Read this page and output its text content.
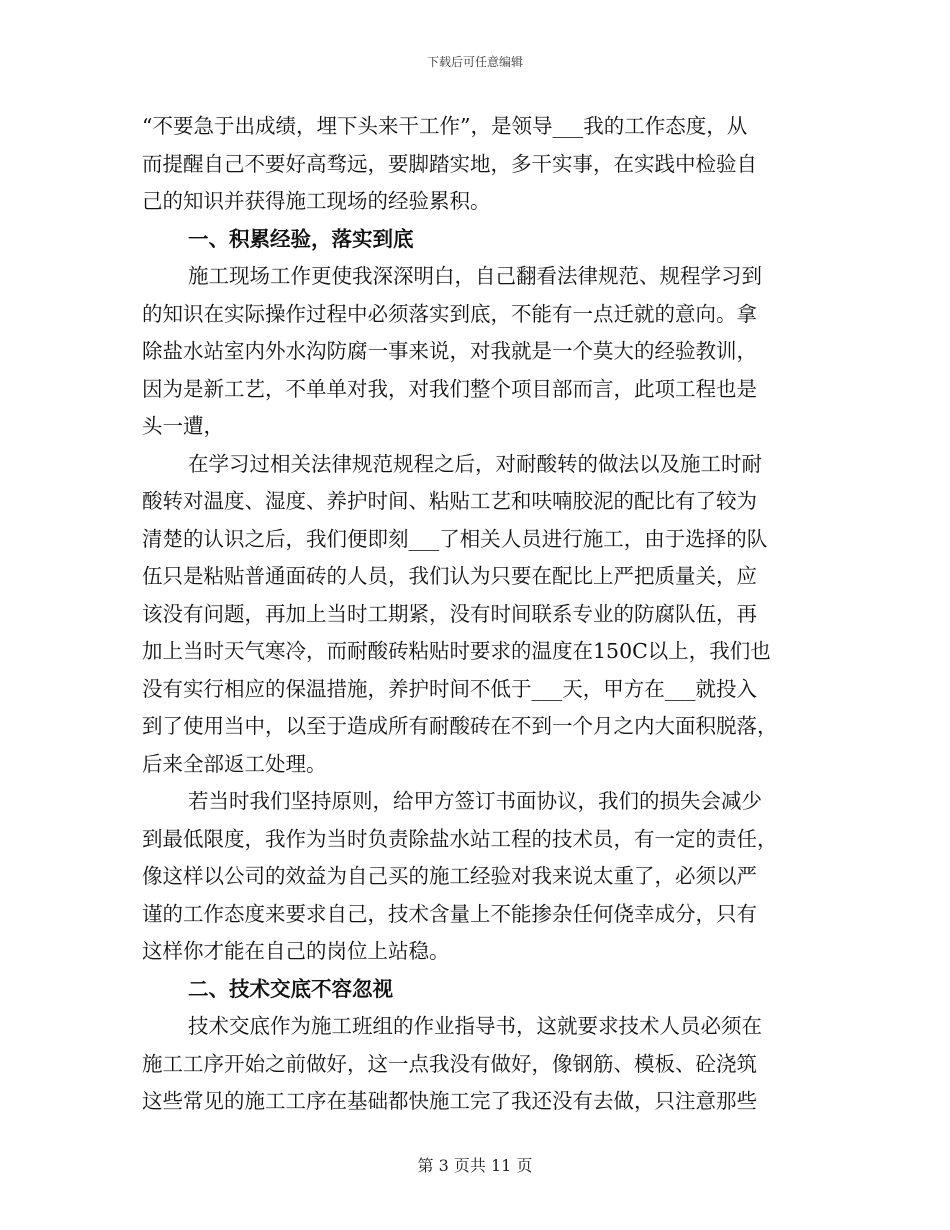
下载后可任意编辑
“不要急于出成绩，埋下头来干工作”，是领导___我的工作态度，从
而提醒自己不要好高骛远，要脚踏实地，多干实事，在实践中检验自
己的知识并获得施工现场的经验累积。
一、积累经验，落实到底
施工现场工作更使我深深明白，自己翻看法律规范、规程学习到
的知识在实际操作过程中必须落实到底，不能有一点迁就的意向。拿
除盐水站室内外水沟防腐一事来说，对我就是一个莫大的经验教训，
因为是新工艺，不单单对我，对我们整个项目部而言，此项工程也是
头一遭，
在学习过相关法律规范规程之后，对耐酸转的做法以及施工时耐
酸转对温度、湿度、养护时间、粘贴工艺和呋喃胶泥的配比有了较为
清楚的认识之后，我们便即刻___了相关人员进行施工，由于选择的队
伍只是粘贴普通面砖的人员，我们认为只要在配比上严把质量关，应
该没有问题，再加上当时工期紧，没有时间联系专业的防腐队伍，再
加上当时天气寒冷，而耐酸砖粘贴时要求的温度在150C以上，我们也
没有实行相应的保温措施，养护时间不低于___天，甲方在___就投入
到了使用当中，以至于造成所有耐酸砖在不到一个月之内大面积脱落，
后来全部返工处理。
若当时我们坚持原则，给甲方签订书面协议，我们的损失会减少
到最低限度，我作为当时负责除盐水站工程的技术员，有一定的责任，
像这样以公司的效益为自己买的施工经验对我来说太重了，必须以严
谨的工作态度来要求自己，技术含量上不能掺杂任何侥幸成分，只有
这样你才能在自己的岗位上站稳。
二、技术交底不容忽视
技术交底作为施工班组的作业指导书，这就要求技术人员必须在
施工工序开始之前做好，这一点我没有做好，像钢筋、模板、砼浇筑
这些常见的施工工序在基础都快施工完了我还没有去做，只注意那些
第 3 页共 11 页
